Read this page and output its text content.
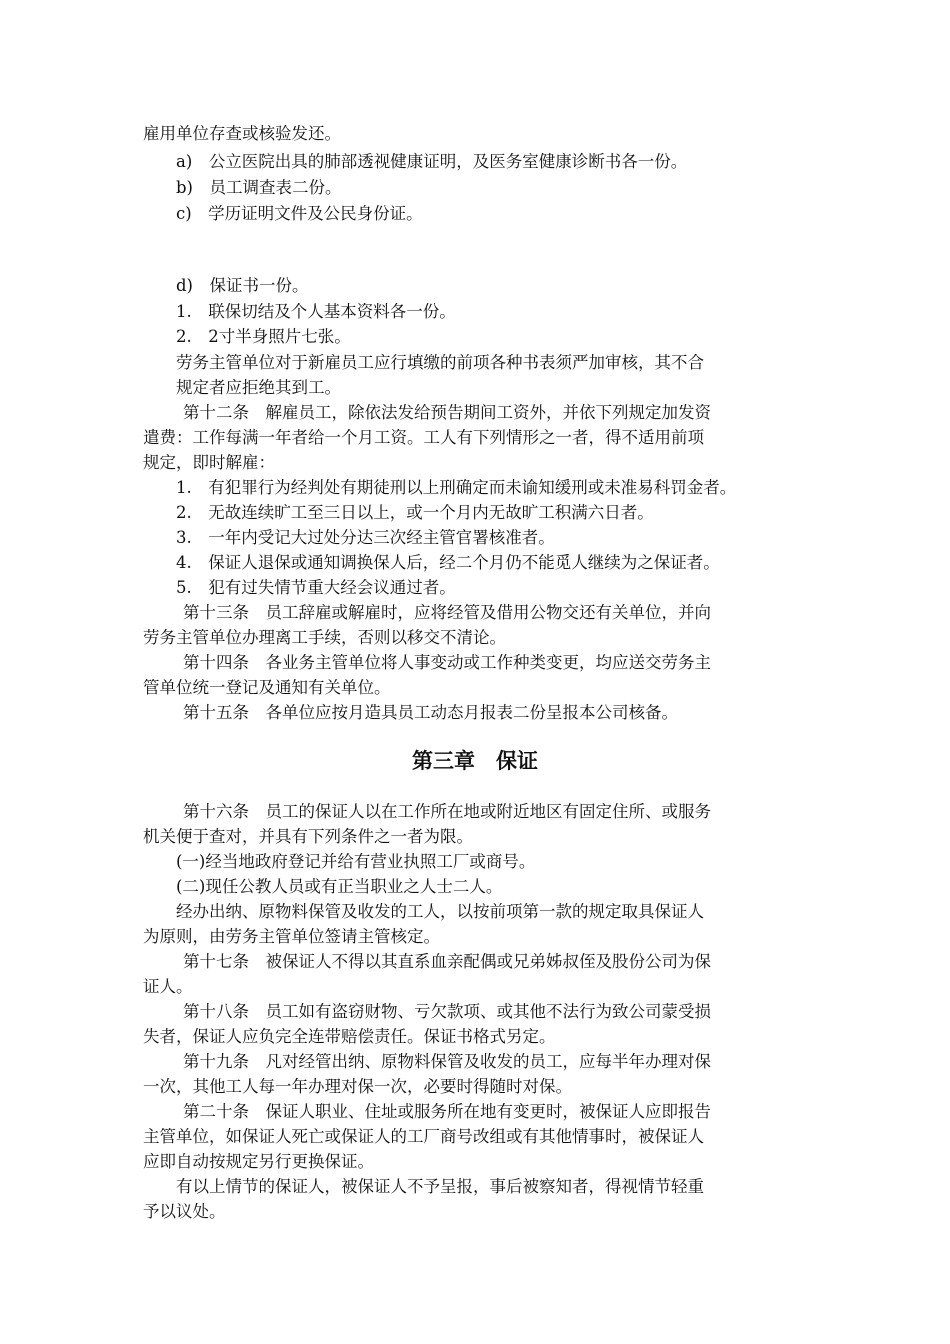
雇用单位存查或核验发还。
a)　公立医院出具的肺部透视健康证明，及医务室健康诊断书各一份。
b)　员工调查表二份。
c)　学历证明文件及公民身份证。
d)　保证书一份。
1.　联保切结及个人基本资料各一份。
2.　2寸半身照片七张。
劳务主管单位对于新雇员工应行填缴的前项各种书表须严加审核，其不合
规定者应拒绝其到工。
第十二条　解雇员工，除依法发给预告期间工资外，并依下列规定加发资
遣费：工作每满一年者给一个月工资。工人有下列情形之一者，得不适用前项
规定，即时解雇：
1.　有犯罪行为经判处有期徒刑以上刑确定而未谕知缓刑或未准易科罚金者。
2.　无故连续旷工至三日以上，或一个月内无故旷工积满六日者。
3.　一年内受记大过处分达三次经主管官署核准者。
4.　保证人退保或通知调换保人后，经二个月仍不能觅人继续为之保证者。
5.　犯有过失情节重大经会议通过者。
第十三条　员工辞雇或解雇时，应将经管及借用公物交还有关单位，并向
劳务主管单位办理离工手续，否则以移交不清论。
第十四条　各业务主管单位将人事变动或工作种类变更，均应送交劳务主
管单位统一登记及通知有关单位。
第十五条　各单位应按月造具员工动态月报表二份呈报本公司核备。
第三章　保证
第十六条　员工的保证人以在工作所在地或附近地区有固定住所、或服务
机关便于查对，并具有下列条件之一者为限。
(一)经当地政府登记并给有营业执照工厂或商号。
(二)现任公教人员或有正当职业之人士二人。
经办出纳、原物料保管及收发的工人，以按前项第一款的规定取具保证人
为原则，由劳务主管单位签请主管核定。
第十七条　被保证人不得以其直系血亲配偶或兄弟姊叔侄及股份公司为保
证人。
第十八条　员工如有盗窃财物、亏欠款项、或其他不法行为致公司蒙受损
失者，保证人应负完全连带赔偿责任。保证书格式另定。
第十九条　凡对经管出纳、原物料保管及收发的员工，应每半年办理对保
一次，其他工人每一年办理对保一次，必要时得随时对保。
第二十条　保证人职业、住址或服务所在地有变更时，被保证人应即报告
主管单位，如保证人死亡或保证人的工厂商号改组或有其他情事时，被保证人
应即自动按规定另行更换保证。
有以上情节的保证人，被保证人不予呈报，事后被察知者，得视情节轻重
予以议处。
